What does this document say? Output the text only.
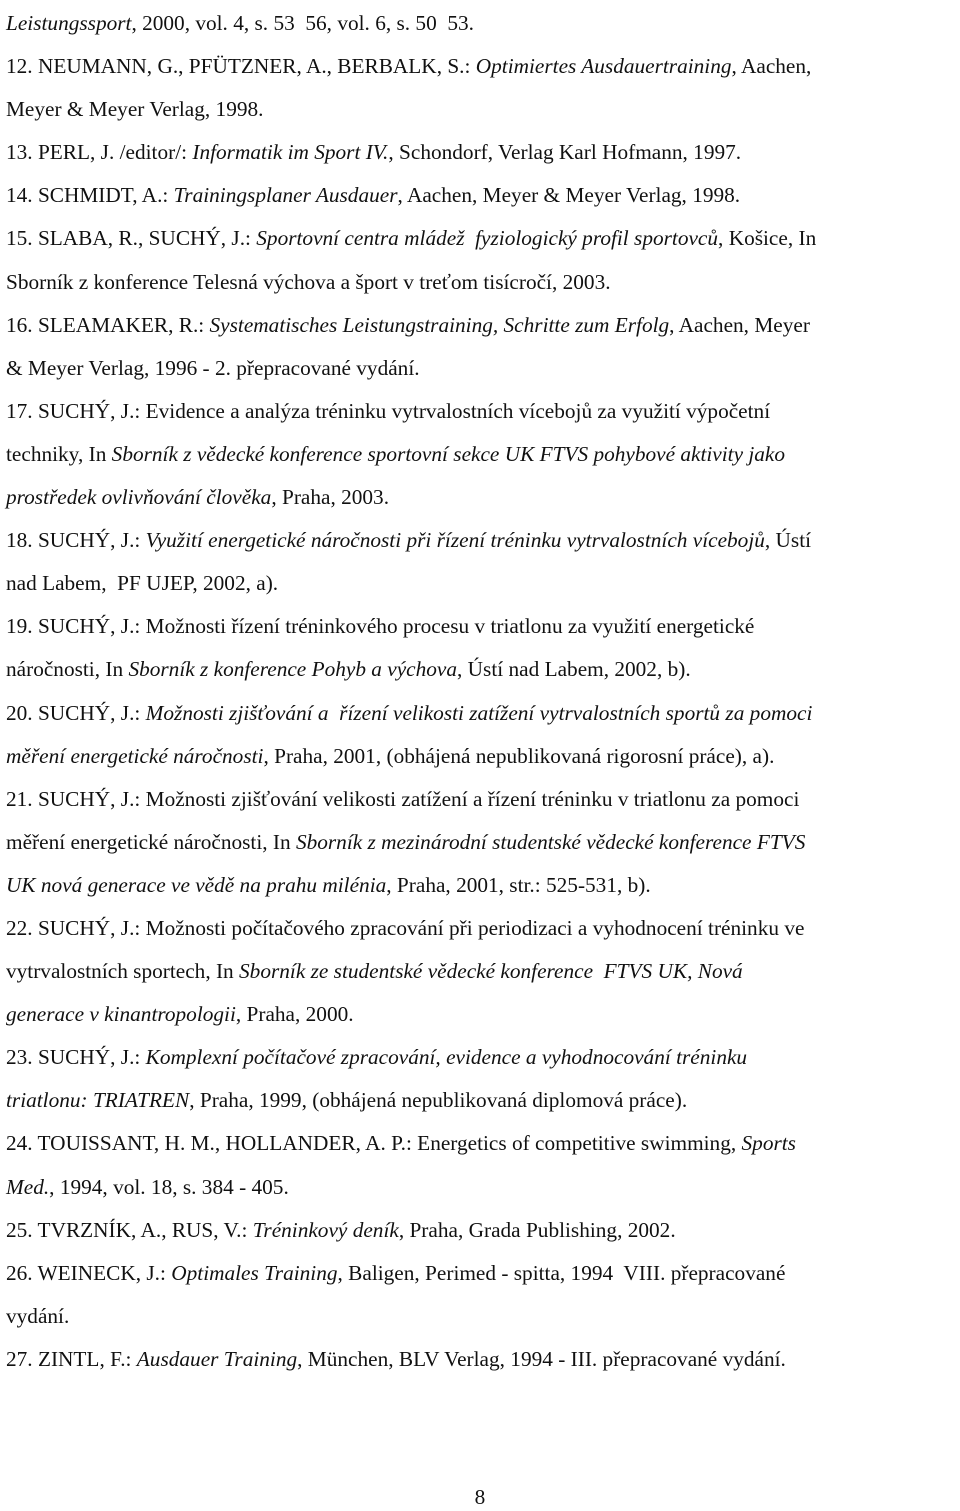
Leistungssport, 2000, vol. 4, s. 53  56, vol. 6, s. 50  53.
12. NEUMANN, G., PFÜTZNER, A., BERBALK, S.: Optimiertes Ausdauertraining, Aachen,
Meyer & Meyer Verlag, 1998.
13. PERL, J. /editor/: Informatik im Sport IV., Schondorf, Verlag Karl Hofmann, 1997.
14. SCHMIDT, A.: Trainingsplaner Ausdauer, Aachen, Meyer & Meyer Verlag, 1998.
15. SLABA, R., SUCHÝ, J.: Sportovní centra mládež  fyziologický profil sportovců, Košice, In
Sborník z konference Telesná výchova a šport v treťom tisícročí, 2003.
16. SLEAMAKER, R.: Systematisches Leistungstraining, Schritte zum Erfolg, Aachen, Meyer
& Meyer Verlag, 1996 - 2. přepracované vydání.
17. SUCHÝ, J.: Evidence a analýza tréninku vytrvalostních vícebojů za využití výpočetní
techniky, In Sborník z vědecké konference sportovní sekce UK FTVS pohybové aktivity jako
prostředek ovlivňování člověka, Praha, 2003.
18. SUCHÝ, J.: Využití energetické náročnosti při řízení tréninku vytrvalostních vícebojů, Ústí
nad Labem,  PF UJEP, 2002, a).
19. SUCHÝ, J.: Možnosti řízení tréninkového procesu v triatlonu za využití energetické
náročnosti, In Sborník z konference Pohyb a výchova, Ústí nad Labem, 2002, b).
20. SUCHÝ, J.: Možnosti zjišťování a  řízení velikosti zatížení vytrvalostních sportů za pomoci
měření energetické náročnosti, Praha, 2001, (obhájená nepublikovaná rigorosní práce), a).
21. SUCHÝ, J.: Možnosti zjišťování velikosti zatížení a řízení tréninku v triatlonu za pomoci
měření energetické náročnosti, In Sborník z mezinárodní studentské vědecké konference FTVS
UK nová generace ve vědě na prahu milénia, Praha, 2001, str.: 525-531, b).
22. SUCHÝ, J.: Možnosti počítačového zpracování při periodizaci a vyhodnocení tréninku ve
vytrvalostních sportech, In Sborník ze studentské vědecké konference  FTVS UK, Nová
generace v kinantropologii, Praha, 2000.
23. SUCHÝ, J.: Komplexní počítačové zpracování, evidence a vyhodnocování tréninku
triatlonu: TRIATREN, Praha, 1999, (obhájená nepublikovaná diplomová práce).
24. TOUISSANT, H. M., HOLLANDER, A. P.: Energetics of competitive swimming, Sports
Med., 1994, vol. 18, s. 384 - 405.
25. TVRZNÍK, A., RUS, V.: Tréninkový deník, Praha, Grada Publishing, 2002.
26. WEINECK, J.: Optimales Training, Baligen, Perimed - spitta, 1994  VIII. přepracované
vydání.
27. ZINTL, F.: Ausdauer Training, München, BLV Verlag, 1994 - III. přepracované vydání.
8
